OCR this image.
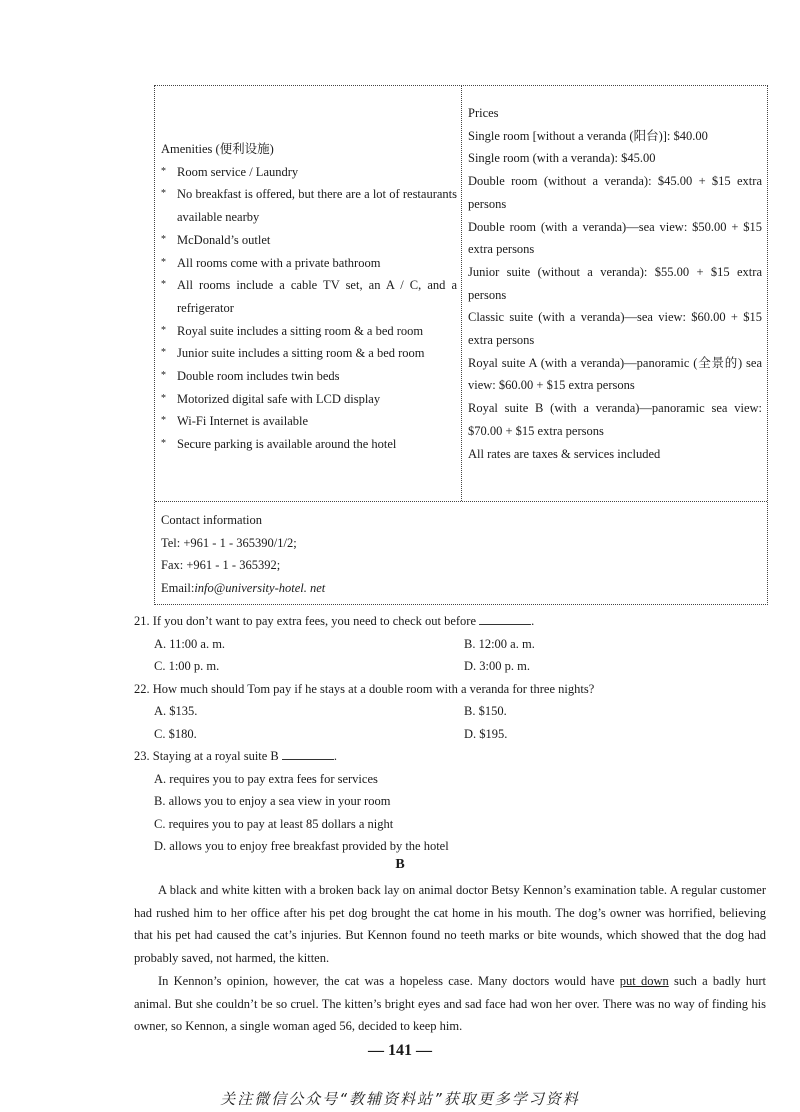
Amenities (便利设施)
* Room service / Laundry
* No breakfast is offered, but there are a lot of restaurants available nearby
* McDonald’s outlet
* All rooms come with a private bathroom
* All rooms include a cable TV set, an A / C, and a refrigerator
* Royal suite includes a sitting room & a bed room
* Junior suite includes a sitting room & a bed room
* Double room includes twin beds
* Motorized digital safe with LCD display
* Wi-Fi Internet is available
* Secure parking is available around the hotel
Prices
Single room [without a veranda (阳台)]: $40.00
Single room (with a veranda): $45.00
Double room (without a veranda): $45.00 + $15 extra persons
Double room (with a veranda)—sea view: $50.00 + $15 extra persons
Junior suite (without a veranda): $55.00 + $15 extra persons
Classic suite (with a veranda)—sea view: $60.00 + $15 extra persons
Royal suite A (with a veranda)—panoramic (全景的) sea view: $60.00 + $15 extra persons
Royal suite B (with a veranda)—panoramic sea view: $70.00 + $15 extra persons
All rates are taxes & services included
Contact information
Tel: +961 - 1 - 365390/1/2;
Fax: +961 - 1 - 365392;
Email:info@university-hotel. net
21. If you don’t want to pay extra fees, you need to check out before	.
A. 11:00 a. m.	B. 12:00 a. m.
C. 1:00 p. m.	D. 3:00 p. m.
22. How much should Tom pay if he stays at a double room with a veranda for three nights?
A. $135.	B. $150.
C. $180.	D. $195.
23. Staying at a royal suite B	.
A. requires you to pay extra fees for services
B. allows you to enjoy a sea view in your room
C. requires you to pay at least 85 dollars a night
D. allows you to enjoy free breakfast provided by the hotel
B

A black and white kitten with a broken back lay on animal doctor Betsy Kennon’s examination table. A regular customer had rushed him to her office after his pet dog brought the cat home in his mouth. The dog’s owner was horrified, believing that his pet had caused the cat’s injuries. But Kennon found no teeth marks or bite wounds, which showed that the dog had probably saved, not harmed, the kitten.

In Kennon’s opinion, however, the cat was a hopeless case. Many doctors would have put down such a badly hurt animal. But she couldn’t be so cruel. The kitten’s bright eyes and sad face had won her over. There was no way of finding his owner, so Kennon, a single woman aged 56, decided to keep him.

— 141 —
关注微信公众号“教辅资料站”获取更多学习资料
